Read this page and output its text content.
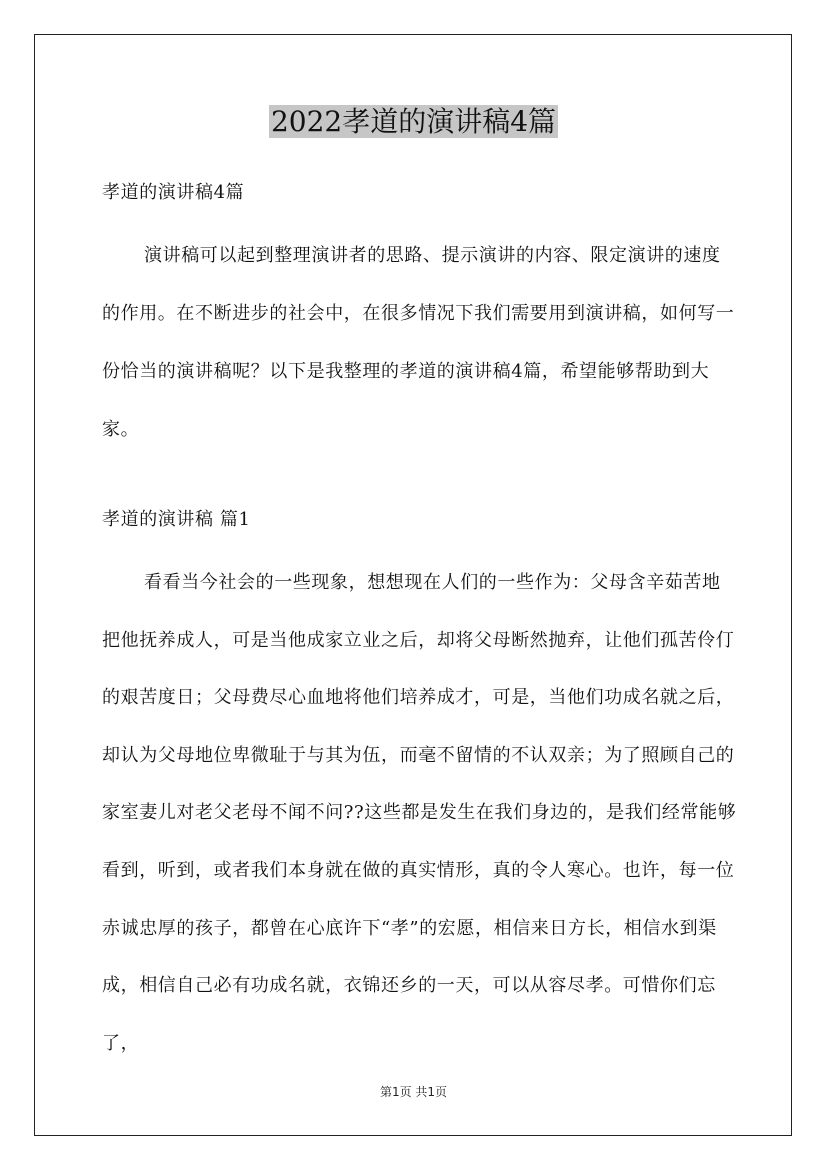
2022孝道的演讲稿4篇
孝道的演讲稿4篇

演讲稿可以起到整理演讲者的思路、提示演讲的内容、限定演讲的速度的作用。在不断进步的社会中，在很多情况下我们需要用到演讲稿，如何写一份恰当的演讲稿呢？以下是我整理的孝道的演讲稿4篇，希望能够帮助到大家。

孝道的演讲稿 篇1

看看当今社会的一些现象，想想现在人们的一些作为：父母含辛茹苦地把他抚养成人，可是当他成家立业之后，却将父母断然抛弃，让他们孤苦伶仃的艰苦度日；父母费尽心血地将他们培养成才，可是，当他们功成名就之后，却认为父母地位卑微耻于与其为伍，而毫不留情的不认双亲；为了照顾自己的家室妻儿对老父老母不闻不问??这些都是发生在我们身边的，是我们经常能够看到，听到，或者我们本身就在做的真实情形，真的令人寒心。也许，每一位赤诚忠厚的孩子，都曾在心底许下“孝”的宏愿，相信来日方长，相信水到渠成，相信自己必有功成名就，衣锦还乡的一天，可以从容尽孝。可惜你们忘了，

第1页 共1页
